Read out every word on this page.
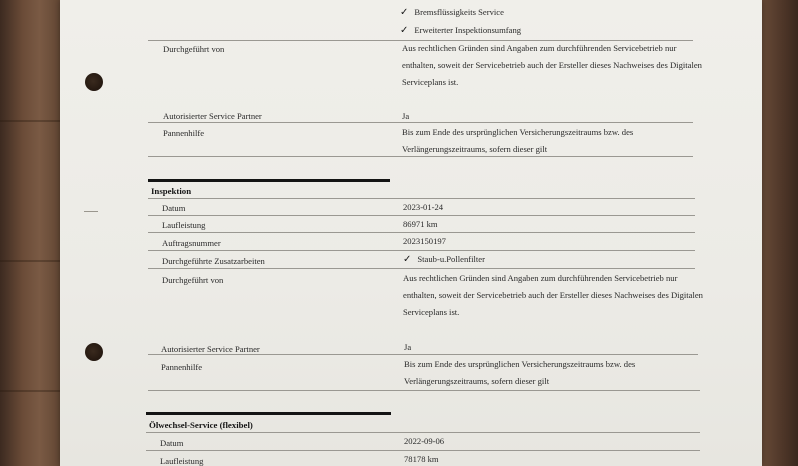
✓ Bremsflüssigkeits Service
✓ Erweiterter Inspektionsumfang
Durchgeführt von	Aus rechtlichen Gründen sind Angaben zum durchführenden Servicebetrieb nur enthalten, soweit der Servicebetrieb auch der Ersteller dieses Nachweises des Digitalen Serviceplans ist.
Autorisierter Service Partner	Ja
Pannenhilfe	Bis zum Ende des ursprünglichen Versicherungszeitraums bzw. des Verlängerungszeitraums, sofern dieser gilt
Inspektion
Datum	2023-01-24
Laufleistung	86971 km
Auftragsnummer	2023150197
Durchgeführte Zusatzarbeiten	✓ Staub-u.Pollenfilter
Durchgeführt von	Aus rechtlichen Gründen sind Angaben zum durchführenden Servicebetrieb nur enthalten, soweit der Servicebetrieb auch der Ersteller dieses Nachweises des Digitalen Serviceplans ist.
Autorisierter Service Partner	Ja
Pannenhilfe	Bis zum Ende des ursprünglichen Versicherungszeitraums bzw. des Verlängerungszeitraums, sofern dieser gilt
Ölwechsel-Service (flexibel)
Datum	2022-09-06
Laufleistung	78178 km
